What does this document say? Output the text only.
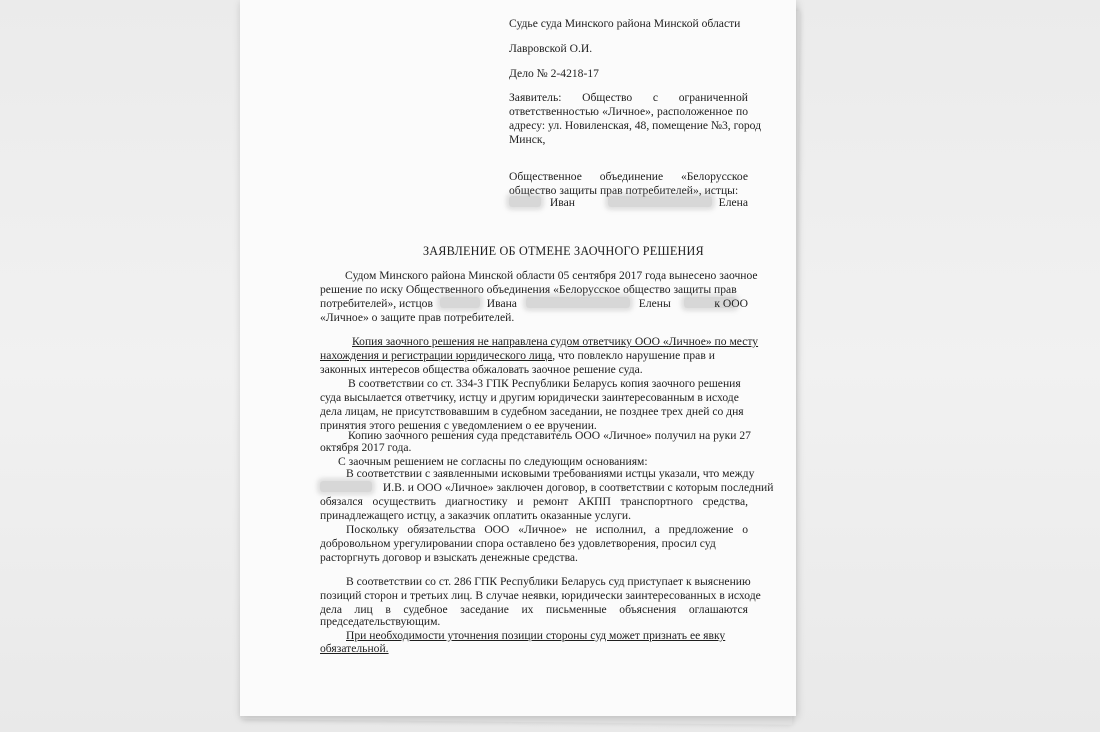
Судье суда Минского района Минской области
Лавровской О.И.
Дело № 2-4218-17
Заявитель: Общество с ограниченной
ответственностью «Личное», расположенное по
адресу: ул. Новиленская, 48, помещение №3, город
Минск,
Общественное объединение «Белорусское
общество защиты прав потребителей», истцы:
Иван	Елена
ЗАЯВЛЕНИЕ ОБ ОТМЕНЕ ЗАОЧНОГО РЕШЕНИЯ
Судом Минского района Минской области 05 сентября 2017 года вынесено заочное
решение по иску Общественного объединения «Белорусское общество защиты прав
потребителей», истцов	Ивана	Елены	к ООО
«Личное» о защите прав потребителей.
Копия заочного решения не направлена судом ответчику ООО «Личное» по месту
нахождения и регистрации юридического лица, что повлекло нарушение прав и
законных интересов общества обжаловать заочное решение суда.
В соответствии со ст. 334-3 ГПК Республики Беларусь копия заочного решения
суда высылается ответчику, истцу и другим юридически заинтересованным в исходе
дела лицам, не присутствовавшим в судебном заседании, не позднее трех дней со дня
принятия этого решения с уведомлением о ее вручении.
Копию заочного решения суда представитель ООО «Личное» получил на руки 27
октября 2017 года.
С заочным решением не согласны по следующим основаниям:
В соответствии с заявленными исковыми требованиями истцы указали, что между
И.В. и ООО «Личное» заключен договор, в соответствии с которым последний
обязался осуществить диагностику и ремонт АКПП транспортного средства,
принадлежащего истцу, а заказчик оплатить оказанные услуги.
Поскольку обязательства ООО «Личное» не исполнил, а предложение о
добровольном урегулировании спора оставлено без удовлетворения, просил суд
расторгнуть договор и взыскать денежные средства.
В соответствии со ст. 286 ГПК Республики Беларусь суд приступает к выяснению
позиций сторон и третьих лиц. В случае неявки, юридически заинтересованных в исходе
дела лиц в судебное заседание их письменные объяснения оглашаются
председательствующим.
При необходимости уточнения позиции стороны суд может признать ее явку
обязательной.
